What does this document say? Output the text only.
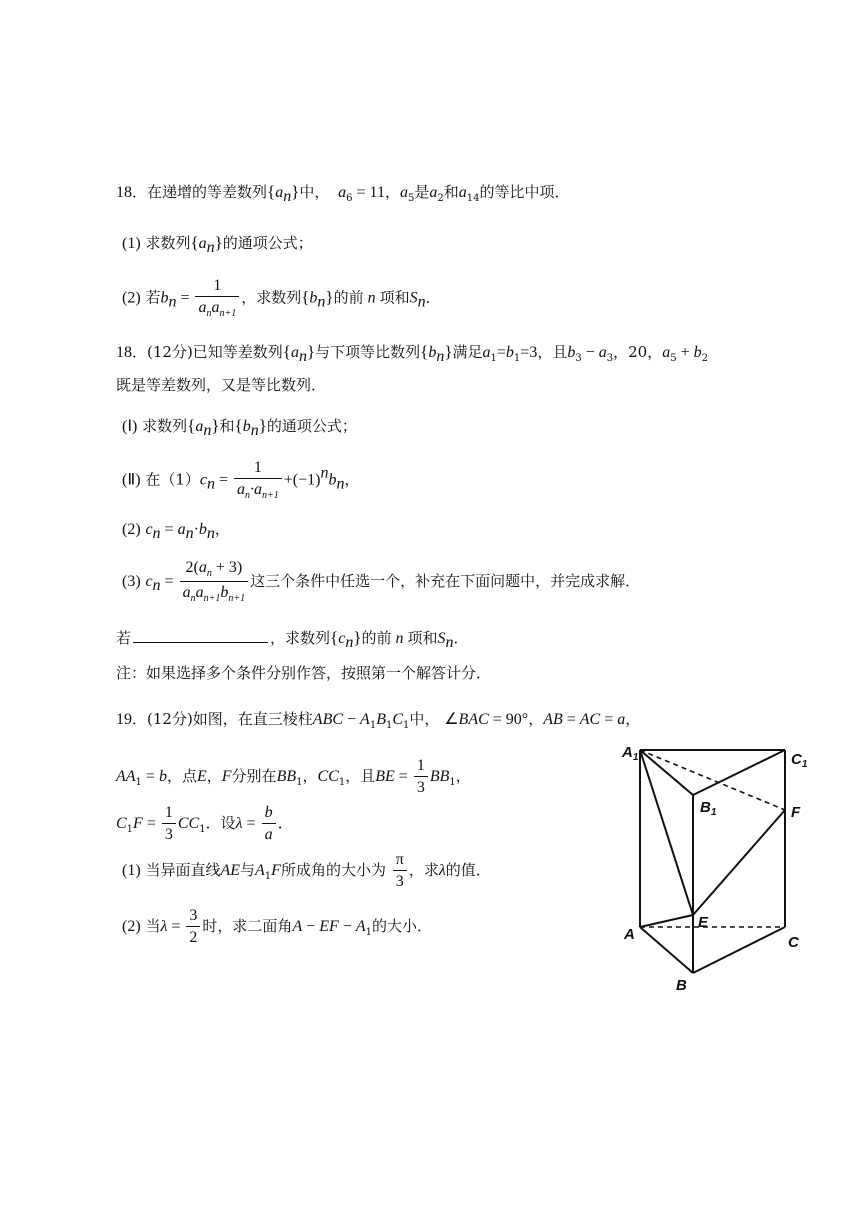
18．在递增的等差数列$\{a_n\}$中，  $a_6 = 11$，$a_5$是$a_2$和$a_{14}$的等比中项．
(1) 求数列$\{a_n\}$的通项公式；
(2) 若$b_n = \frac{1}{a_na_{n+1}}$ ，求数列$\{b_n\}$的前 n 项和$S_n$．
18．(12分)已知等差数列$\{a_n\}$与下项等比数列$\{b_n\}$满足$a_1=b_1=3$，且$b_3 - a_3$，20，$a_5 + b_2$
既是等差数列，又是等比数列．
(Ⅰ) 求数列$\{a_n\}$和$\{b_n\}$的通项公式；
(Ⅱ) 在$(1)c_n = \frac{1}{a_n\cdot a_{n+1}} +(-1)^nb_n$，
(2) $c_n = a_n\cdot b_n$，
(3) $c_n = \frac{2(a_n + 3)}{a_na_{n+1}b_{n+1}}$ 这三个条件中任选一个，补充在下面问题中，并完成求解．
若	，求数列$\{c_n\}$的前 n 项和$S_n$．
注：如果选择多个条件分别作答，按照第一个解答计分．
19．(12分)如图，在直三棱柱ABC − $A_1B_1C_1$中， ∠BAC = 90°，AB = AC = a，
$AA_1 = b$，点E，F分别在$BB_1$，$CC_1$，且BE = $\frac{1}{3} BB_1$，
$C_1F = \frac{1}{3} CC_1$．设$\lambda = \frac{b}{a}$ ．
(1) 当异面直线AE与$A_1F$所成角的大小为 $\frac{\pi}{3}$ ，求λ的值．
(2) 当$\lambda = \frac{3}{2}$ 时，求二面角A − EF − $A_1$的大小．
$A_1$	$C_1$
$B_1$	F
E
A	C
B
